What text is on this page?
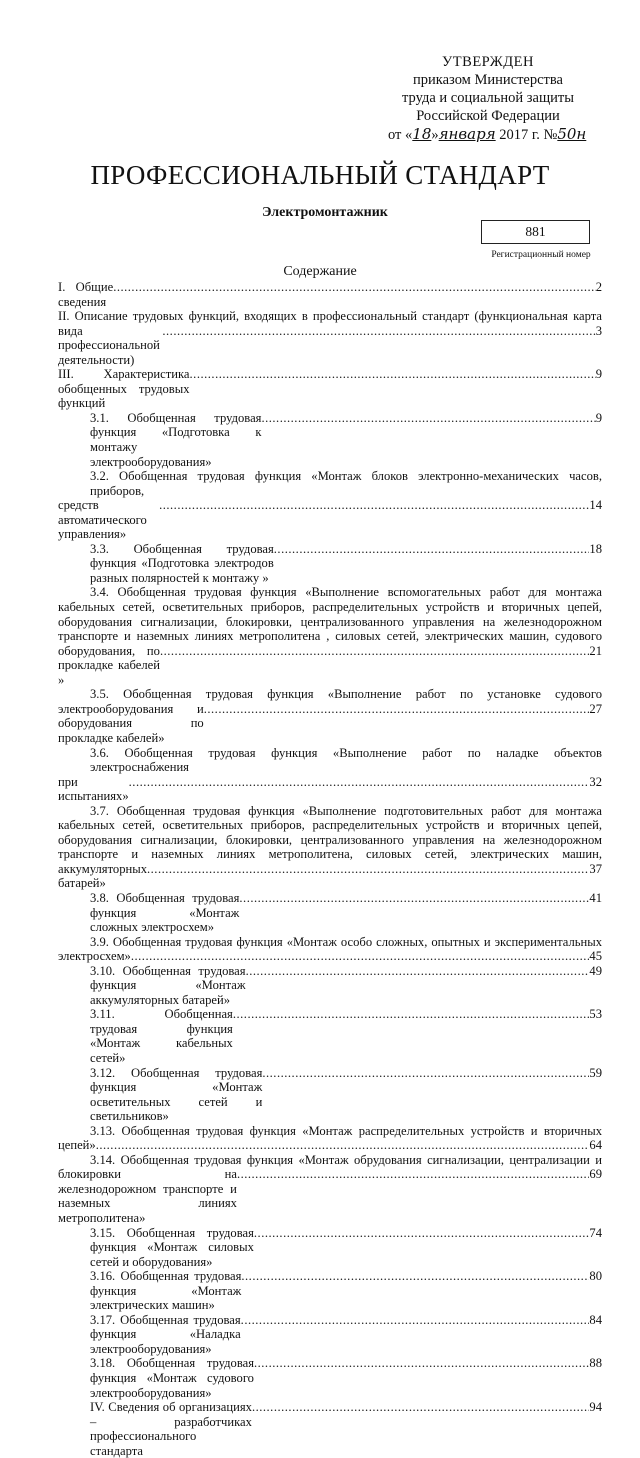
УТВЕРЖДЕН
приказом Министерства
труда и социальной защиты
Российской Федерации
от «18»января 2017 г. №50н
ПРОФЕССИОНАЛЬНЫЙ СТАНДАРТ
Электромонтажник
881
Регистрационный номер
Содержание
I. Общие сведения
.....
2
II. Описание трудовых функций, входящих в профессиональный стандарт (функциональная карта
вида профессиональной деятельности)
.....
3
III. Характеристика обобщенных трудовых функций
.....
9
3.1. Обобщенная трудовая функция «Подготовка к монтажу электрооборудования»
.....
9
3.2. Обобщенная трудовая функция «Монтаж блоков электронно-механических часов, приборов,
средств автоматического управления»
.....
14
3.3. Обобщенная трудовая функция «Подготовка электродов разных полярностей к монтажу »
.....
18
3.4. Обобщенная трудовая функция «Выполнение вспомогательных работ для монтажа
кабельных сетей, осветительных приборов, распределительных устройств и вторичных цепей,
оборудования сигнализации, блокировки, централизованного управления на железнодорожном
транспорте и наземных линиях метрополитена , силовых сетей, электрических машин, судового
оборудования, по прокладке кабелей »
.....
21
3.5. Обобщенная трудовая функция «Выполнение работ по установке судового
электрооборудования и оборудования по прокладке кабелей»
.....
27
3.6. Обобщенная трудовая функция «Выполнение работ по наладке объектов электроснабжения
при испытаниях»
.....
32
3.7. Обобщенная трудовая функция «Выполнение подготовительных работ для монтажа
кабельных сетей, осветительных приборов, распределительных устройств и вторичных цепей,
оборудования сигнализации, блокировки, централизованного управления на железнодорожном
транспорте и наземных линиях метрополитена, силовых сетей, электрических машин,
аккумуляторных батарей»
.....
37
3.8. Обобщенная трудовая функция «Монтаж сложных электросхем»
.....
41
3.9. Обобщенная трудовая функция «Монтаж особо сложных, опытных и экспериментальных
электросхем» .....	45
3.10. Обобщенная трудовая функция «Монтаж аккумуляторных батарей»
.....
49
3.11. Обобщенная трудовая функция «Монтаж кабельных сетей»
.....
53
3.12. Обобщенная трудовая функция «Монтаж осветительных сетей и светильников»
.....
59
3.13. Обобщенная трудовая функция «Монтаж распределительных устройств и вторичных
цепей» .....	64
3.14. Обобщенная трудовая функция «Монтаж обрудования сигнализации, централизации и
блокировки на железнодорожном транспорте и наземных линиях метрополитена»
.....
69
3.15. Обобщенная трудовая функция «Монтаж силовых сетей и оборудования»
.....
74
3.16. Обобщенная трудовая функция «Монтаж электрических машин»
.....
80
3.17. Обобщенная трудовая функция «Наладка электрооборудования»
.....
84
3.18. Обобщенная трудовая функция «Монтаж судового электрооборудования»
.....
88
IV. Сведения об организациях – разработчиках профессионального стандарта
.....
94
